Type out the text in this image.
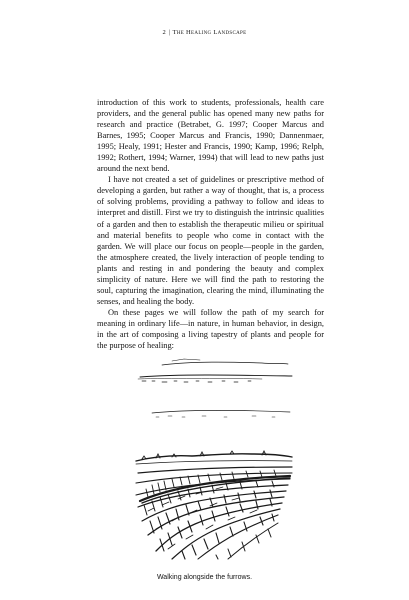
2 | The Healing Landscape

introduction of this work to students, professionals, health care providers, and the general public has opened many new paths for research and practice (Betrabet, G. 1997; Cooper Marcus and Barnes, 1995; Cooper Marcus and Francis, 1990; Dannenmaer, 1995; Healy, 1991; Hester and Francis, 1990; Kamp, 1996; Relph, 1992; Rothert, 1994; Warner, 1994) that will lead to new paths just around the next bend.

I have not created a set of guidelines or prescriptive method of developing a garden, but rather a way of thought, that is, a process of solving problems, providing a pathway to follow and ideas to interpret and distill. First we try to distinguish the intrinsic qualities of a garden and then to establish the therapeutic milieu or spiritual and material benefits to people who come in contact with the garden. We will place our focus on people—people in the garden, the atmosphere created, the lively interaction of people tending to plants and resting in and pondering the beauty and complex simplicity of nature. Here we will find the path to restoring the soul, capturing the imagination, clearing the mind, illuminating the senses, and healing the body.

On these pages we will follow the path of my search for meaning in ordinary life—in nature, in human behavior, in design, in the art of composing a living tapestry of plants and people for the purpose of healing:

Walking alongside the furrows.
